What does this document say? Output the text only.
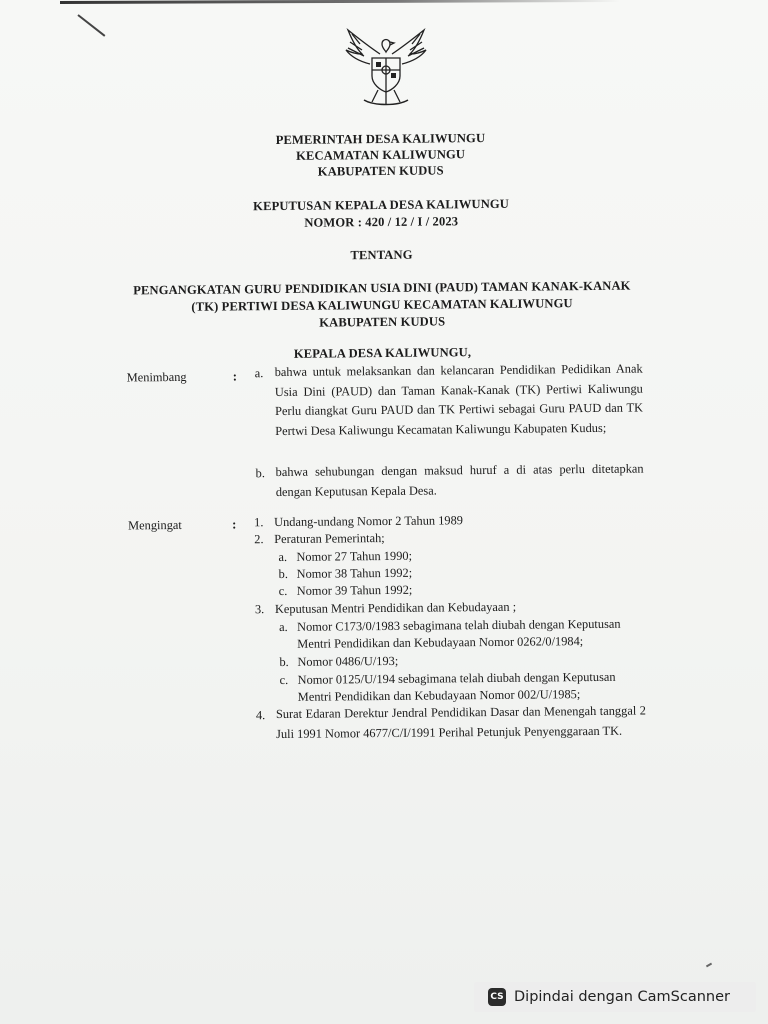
PEMERINTAH DESA KALIWUNGU
KECAMATAN KALIWUNGU
KABUPATEN KUDUS
KEPUTUSAN KEPALA DESA KALIWUNGU
NOMOR : 420 / 12 / I / 2023
TENTANG
PENGANGKATAN GURU PENDIDIKAN USIA DINI (PAUD) TAMAN KANAK-KANAK
(TK) PERTIWI DESA KALIWUNGU KECAMATAN KALIWUNGU
KABUPATEN KUDUS
KEPALA DESA KALIWUNGU,
Menimbang	: a. bahwa untuk melaksankan dan kelancaran Pendidikan Pedidikan Anak Usia Dini (PAUD) dan Taman Kanak-Kanak (TK) Pertiwi Kaliwungu Perlu diangkat Guru PAUD dan TK Pertiwi sebagai Guru PAUD dan TK Pertwi Desa Kaliwungu Kecamatan Kaliwungu Kabupaten Kudus;
b. bahwa sehubungan dengan maksud huruf a di atas perlu ditetapkan dengan Keputusan Kepala Desa.
Mengingat	: 1. Undang-undang Nomor 2 Tahun 1989
2. Peraturan Pemerintah;
a. Nomor 27 Tahun 1990;
b. Nomor 38 Tahun 1992;
c. Nomor 39 Tahun 1992;
3. Keputusan Mentri Pendidikan dan Kebudayaan ;
a. Nomor C173/0/1983 sebagimana telah diubah dengan Keputusan
Mentri Pendidikan dan Kebudayaan Nomor 0262/0/1984;
b. Nomor 0486/U/193;
c. Nomor 0125/U/194 sebagimana telah diubah dengan Keputusan
Mentri Pendidikan dan Kebudayaan Nomor 002/U/1985;
4. Surat Edaran Derektur Jendral Pendidikan Dasar dan Menengah tanggal 2 Juli 1991 Nomor 4677/C/I/1991 Perihal Petunjuk Penyenggaraan TK.
CS Dipindai dengan CamScanner
